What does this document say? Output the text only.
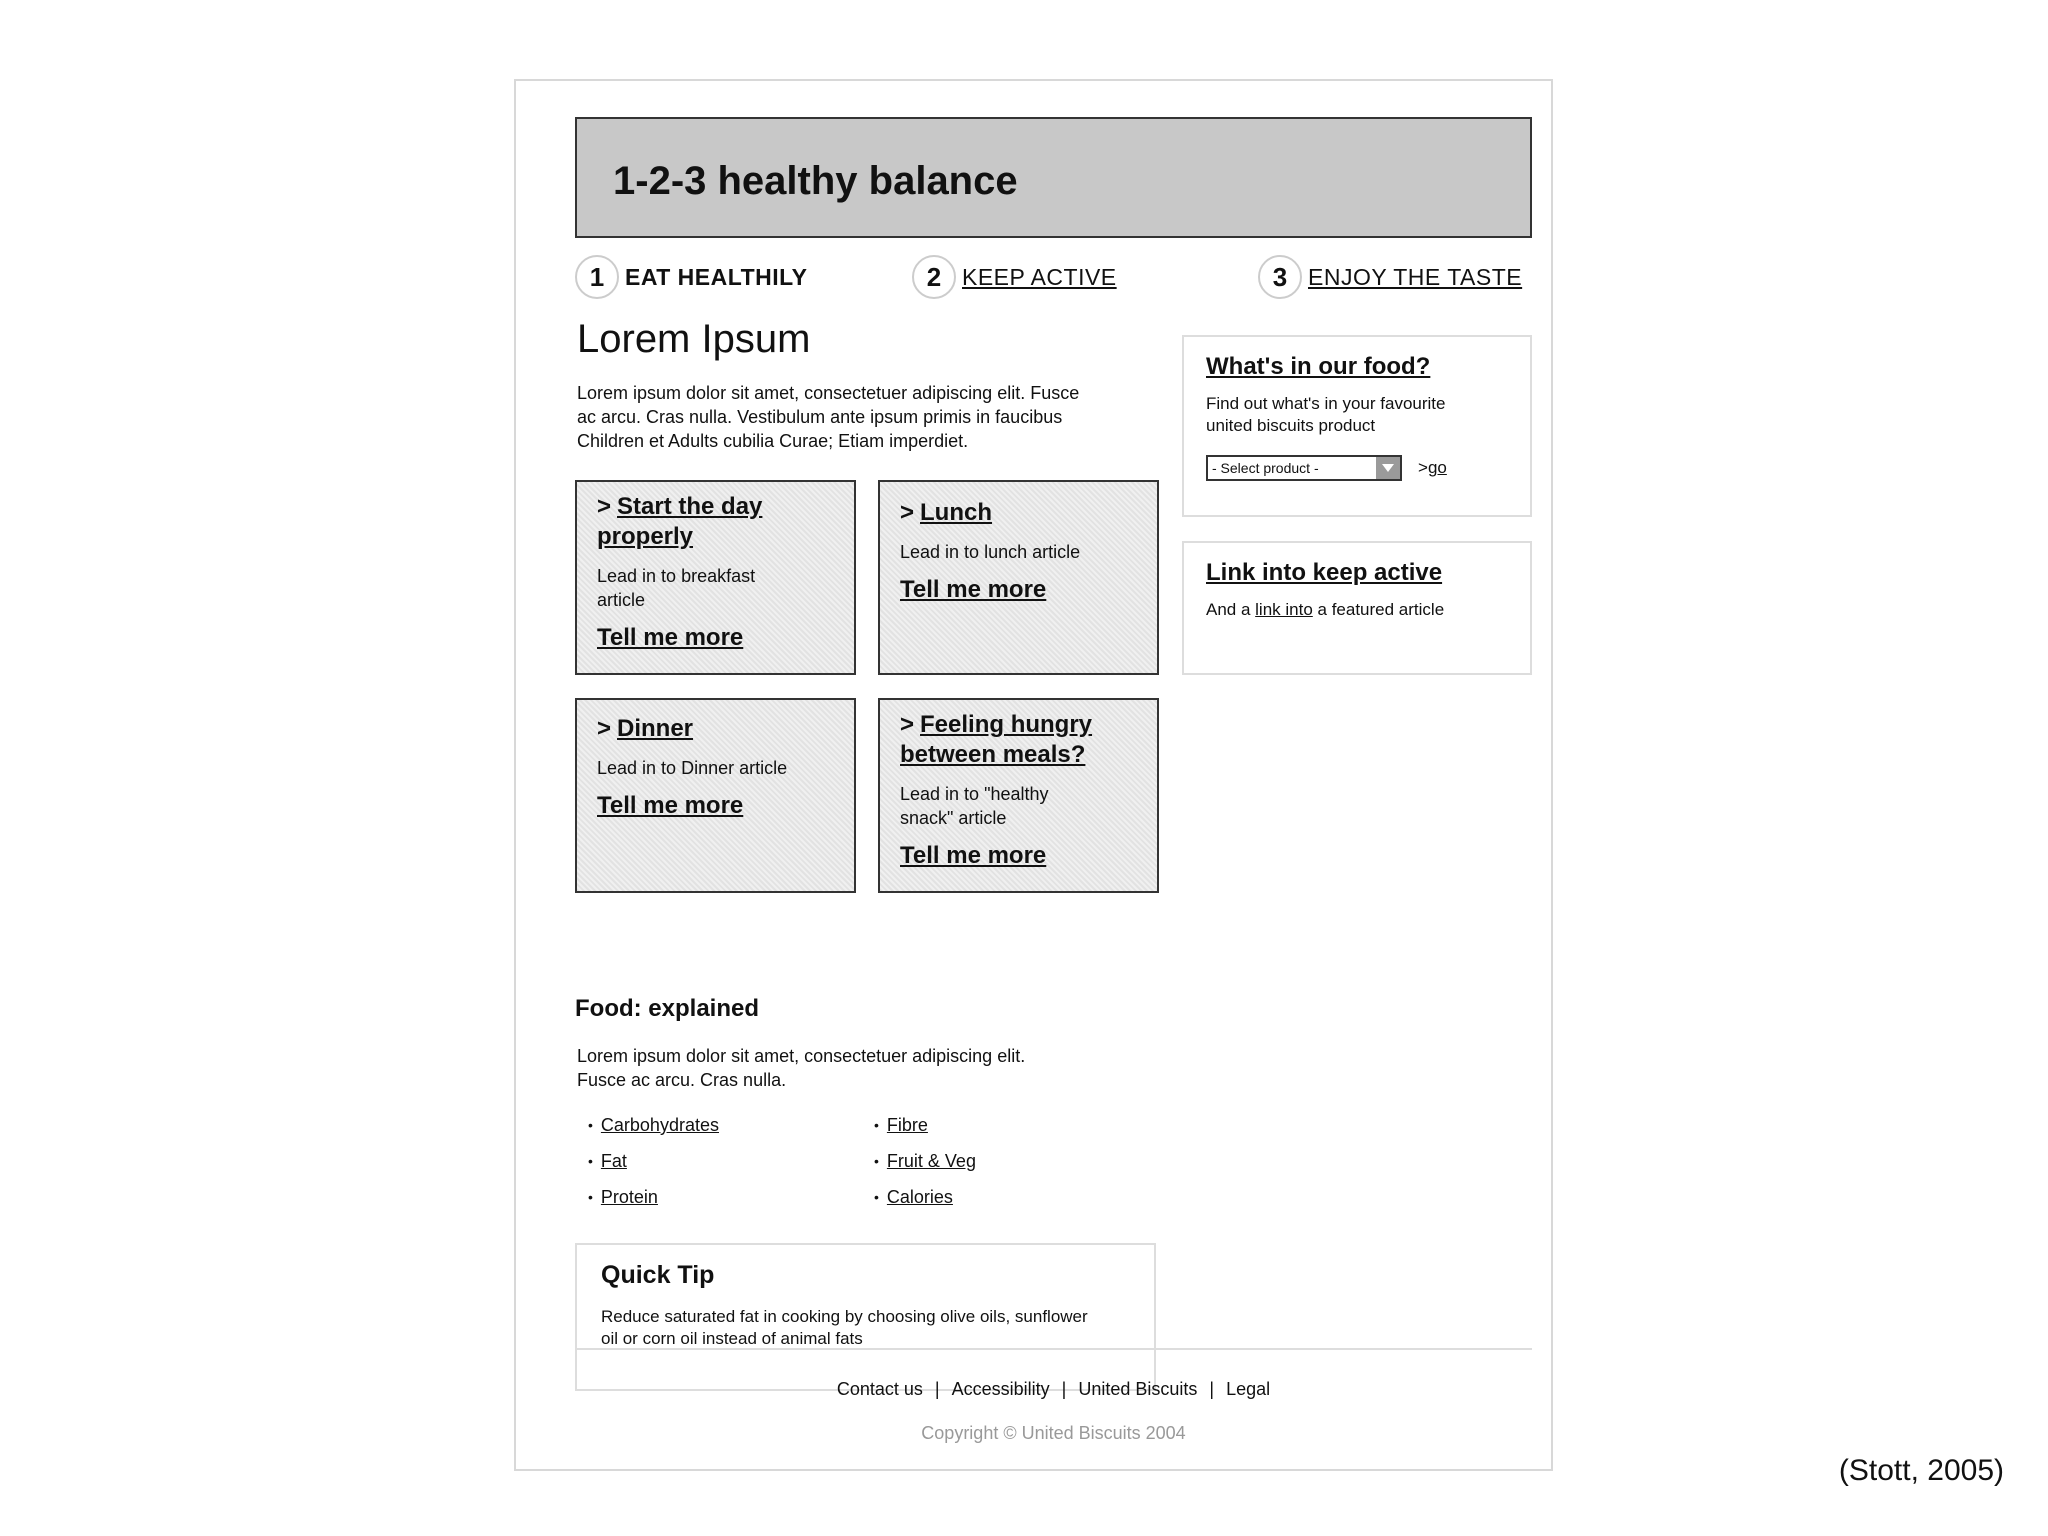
1-2-3 healthy balance
1 EAT HEALTHILY	2 KEEP ACTIVE	3 ENJOY THE TASTE
Lorem Ipsum
Lorem ipsum dolor sit amet, consectetuer adipiscing elit. Fusce
ac arcu. Cras nulla. Vestibulum ante ipsum primis in faucibus
Children et Adults cubilia Curae; Etiam imperdiet.
> Start the day
properly
Lead in to breakfast
article
Tell me more
> Lunch
Lead in to lunch article
Tell me more
> Dinner
Lead in to Dinner article
Tell me more
> Feeling hungry
between meals?
Lead in to "healthy
snack" article
Tell me more
What's in our food?
Find out what's in your favourite
united biscuits product
- Select product -	>go
Link into keep active
And a link into a featured article
Food: explained
Lorem ipsum dolor sit amet, consectetuer adipiscing elit.
Fusce ac arcu. Cras nulla.
• Carbohydrates
• Fat
• Protein
• Fibre
• Fruit & Veg
• Calories
Quick Tip
Reduce saturated fat in cooking by choosing olive oils, sunflower
oil or corn oil instead of animal fats
Contact us | Accessibility | United Biscuits | Legal
Copyright © United Biscuits 2004
(Stott, 2005)
